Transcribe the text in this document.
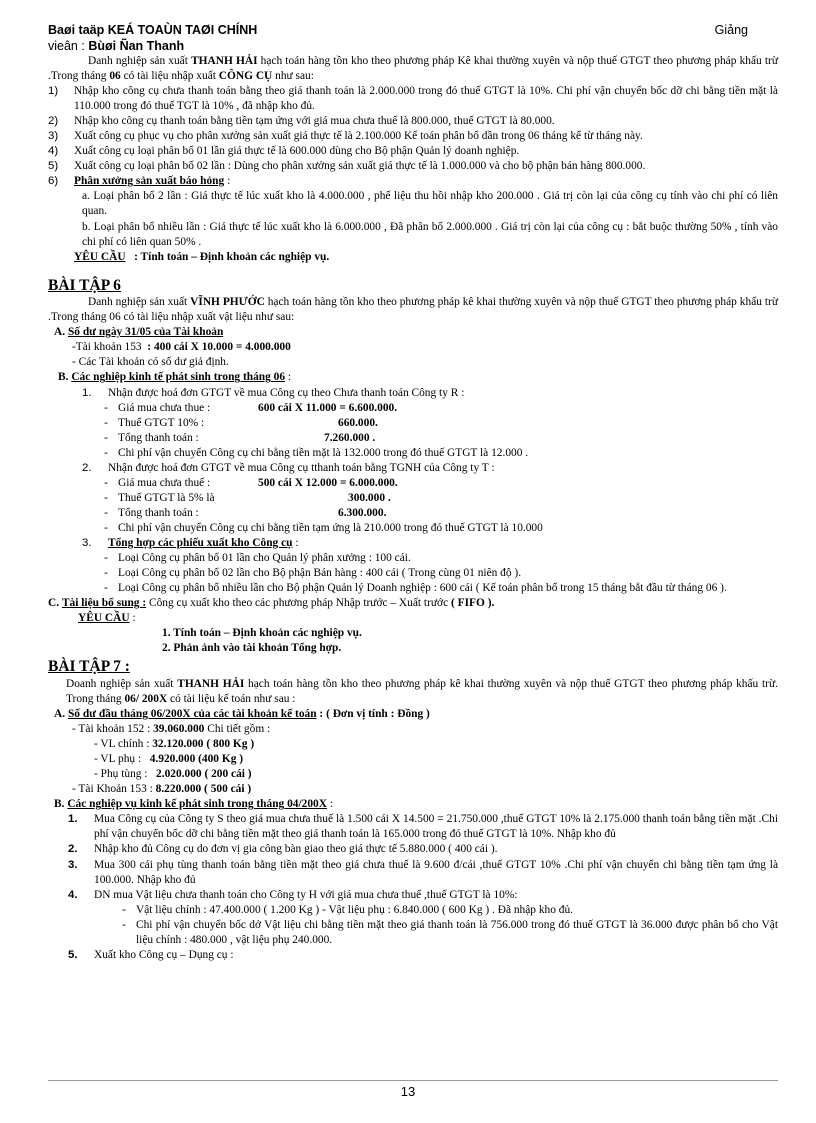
Baøi taäp KEÁ TOAÙN TAØI CHÍNH	Giảng
vieân : Bùøi Ñan Thanh
Danh nghiệp sản xuất THANH HẢI hạch toán hàng tồn kho theo phương pháp Kê khai thường xuyên và nộp thuế GTGT theo phương pháp khấu trừ .Trong tháng 06 có tài liệu nhập xuất CÔNG CỤ như sau:
1)	Nhập kho công cụ chưa thanh toán bằng theo giá thanh toán là 2.000.000 trong đó thuế GTGT là 10%. Chi phí vận chuyển bốc dỡ chi bằng tiền mặt là 110.000 trong đó thuế TGT là 10% , đã nhập kho đủ.
2)	Nhập kho công cụ thanh toán bằng tiền tạm ứng với giá mua chưa thuế là 800.000, thuế GTGT là 80.000.
3)	Xuất công cụ phục vụ cho phân xưởng sản xuất giá thực tế là 2.100.000 Kế toán phân bổ dần trong 06 tháng kể từ tháng này.
4)	Xuất công cụ loại phân bổ 01 lần giá thực tế là 600.000 dùng cho Bộ phận Quản lý doanh nghiệp.
5)	Xuất công cụ loại phân bổ 02 lần : Dùng cho phân xưởng sản xuất giá thực tế là 1.000.000 và cho bộ phận bán hàng 800.000.
6)	Phân xưởng sản xuất báo hỏng :
a. Loại phân bổ 2 lần : Giá thực tế lúc xuất kho là 4.000.000 , phế liệu thu hồi nhập kho 200.000 . Giá trị còn lại của công cụ tính vào chi phí có liên quan.
b. Loại phân bổ nhiều lần : Giá thực tế lúc xuất kho là 6.000.000 , Đã phân bổ 2.000.000 . Giá trị còn lại của công cụ : bắt buộc thường 50% , tính vào chi phí có liên quan 50% .
YÊU CẦU : Tính toán – Định khoản các nghiệp vụ.
BÀI TẬP 6
Danh nghiệp sản xuất VĨNH PHƯỚC hạch toán hàng tồn kho theo phương pháp kê khai thường xuyên và nộp thuế GTGT theo phương pháp khấu trừ .Trong tháng 06 có tài liệu nhập xuất vật liệu như sau:
A. Số dư ngày 31/05 của Tài khoản
-Tài khoản 153 : 400 cái X 10.000 = 4.000.000
- Các Tài khoản có số dư giả định.
B. Các nghiệp kinh tế phát sinh trong tháng 06 :
1.	Nhận được hoá đơn GTGT về mua Công cụ theo Chưa thanh toán Công ty R :
- Giá mua chưa thue :	600 cái X 11.000 = 6.600.000.
- Thuế GTGT 10% :	660.000.
- Tổng thanh toán :	7.260.000 .
- Chi phí vận chuyển Công cụ chi bằng tiền mặt là 132.000 trong đó thuế GTGT là 12.000 .
2.	Nhận được hoá đơn GTGT về mua Công cụ tthanh toán bằng TGNH của Công ty T :
- Giá mua chưa thuế :	500 cái X 12.000 = 6.000.000.
- Thuế GTGT là 5% là	300.000 .
- Tổng thanh toán :	6.300.000.
- Chi phí vận chuyển Công cụ chi bằng tiền tạm ứng là 210.000 trong đó thuế GTGT là 10.000
3.	Tổng hợp các phiếu xuất kho Công cụ :
- Loại Công cụ phân bổ 01 lần cho Quản lý phân xưởng : 100 cái.
- Loại Công cụ phân bổ 02 lần cho Bộ phận Bán hàng : 400 cái ( Trong cùng 01 niên độ ).
- Loại Công cụ phân bổ nhiều lần cho Bộ phận Quản lý Doanh nghiệp : 600 cái ( Kế toán phân bổ trong 15 tháng bắt đầu từ tháng 06 ).
C. Tài liệu bổ sung : Công cụ xuất kho theo các phương pháp Nhập trước – Xuất trước ( FIFO ).
YÊU CẦU :
1. Tính toán – Định khoản các nghiệp vụ.
2. Phản ảnh vào tài khoản Tổng hợp.
BÀI TẬP 7 :
Doanh nghiệp sản xuất THANH HẢI hạch toán hàng tồn kho theo phương pháp kê khai thường xuyên và nộp thuế GTGT theo phương pháp khấu trừ. Trong tháng 06/ 200X có tài liệu kế toán như sau :
A. Số dư đầu tháng 06/200X của các tài khoản kế toán : ( Đơn vị tính : Đồng )
- Tài khoản 152 : 39.060.000 Chi tiết gồm :
- VL chính : 32.120.000 ( 800 Kg )
- VL phụ : 4.920.000 (400 Kg )
- Phụ tùng : 2.020.000 ( 200 cái )
- Tài Khoản 153 : 8.220.000 ( 500 cái )
B. Các nghiệp vụ kinh kế phát sinh trong tháng 04/200X :
1.	Mua Công cụ của Công ty S theo giá mua chưa thuế là 1.500 cái X 14.500 = 21.750.000 ,thuế GTGT 10% là 2.175.000 thanh toán bằng tiền mặt .Chi phí vận chuyển bốc dỡ chi bằng tiền mặt theo giá thanh toán là 165.000 trong đó thuế GTGT là 10%. Nhập kho đủ
2.	Nhập kho đủ Công cụ do đơn vị gia công bàn giao theo giá thực tế 5.880.000 ( 400 cái ).
3.	Mua 300 cái phụ tùng thanh toán bằng tiền mặt theo giá chưa thuế là 9.600 đ/cái ,thuế GTGT 10% .Chi phí vận chuyển chi bằng tiền tạm ứng là 100.000. Nhập kho đủ
4.	DN mua Vật liệu chưa thanh toán cho Công ty H với giá mua chưa thuế ,thuế GTGT là 10%:
- Vật liệu chính : 47.400.000 ( 1.200 Kg ) - Vật liệu phụ : 6.840.000 ( 600 Kg ) . Đã nhập kho đủ.
- Chi phí vận chuyển bốc dở Vật liệu chi bằng tiền mặt theo giá thanh toán là 756.000 trong đó thuế GTGT là 36.000 được phân bổ cho Vật liệu chính : 480.000 , vật liệu phụ 240.000.
5.	Xuất kho Công cụ – Dụng cụ :
13
